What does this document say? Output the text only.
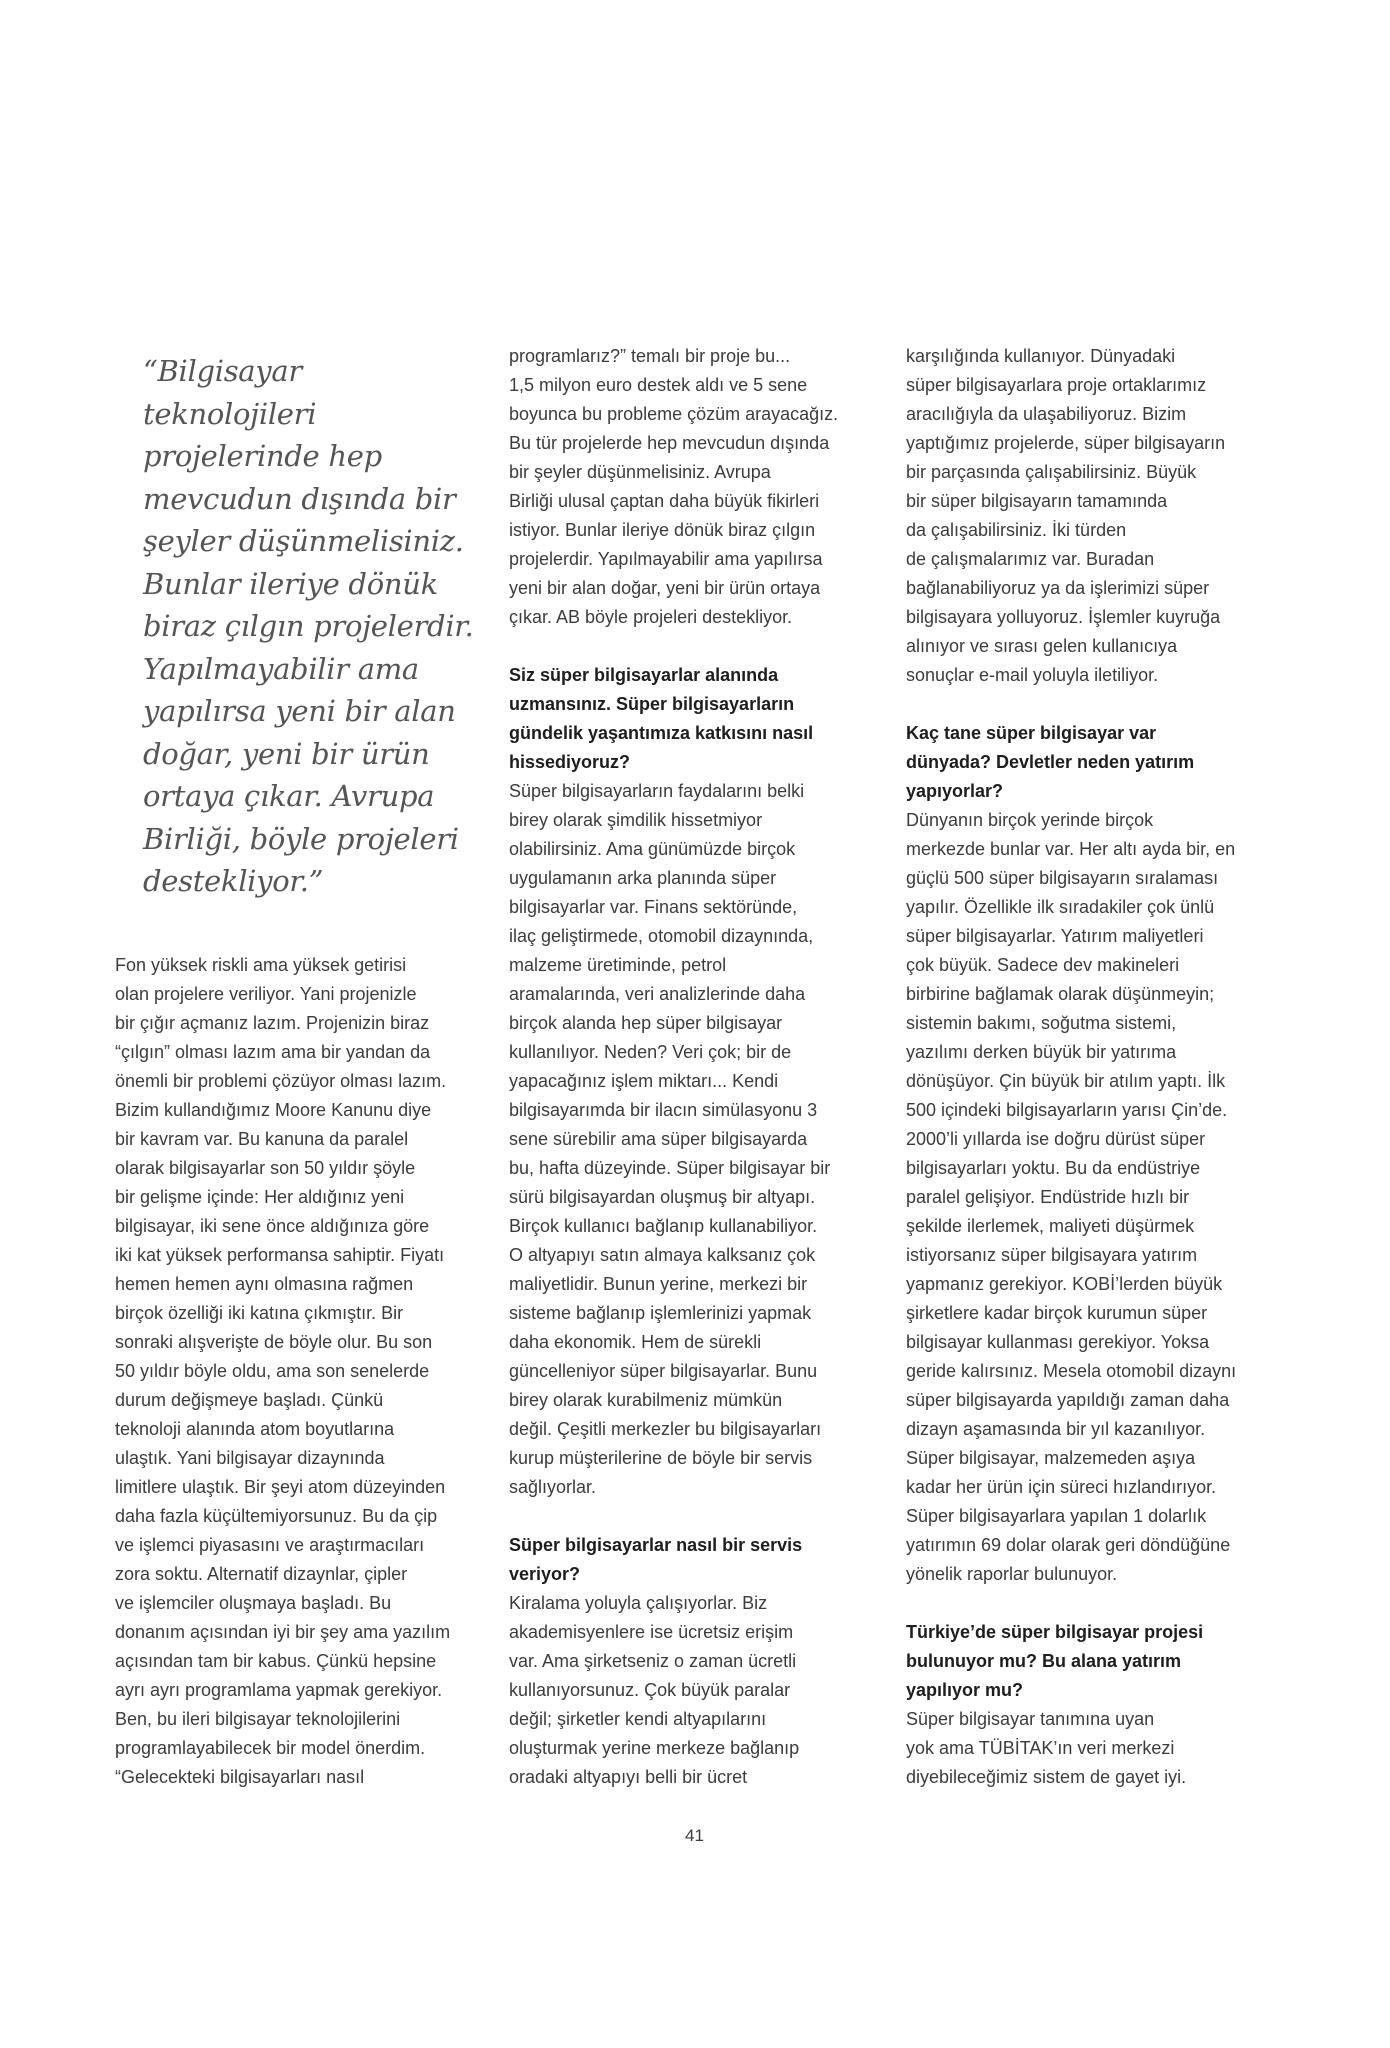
“Bilgisayar
teknolojileri
projelerinde hep
mevcudun dışında bir
şeyler düşünmelisiniz.
Bunlar ileriye dönük
biraz çılgın projelerdir.
Yapılmayabilir ama
yapılırsa yeni bir alan
doğar, yeni bir ürün
ortaya çıkar. Avrupa
Birliği, böyle projeleri
destekliyor.”
Fon yüksek riskli ama yüksek getirisi
olan projelere veriliyor. Yani projenizle
bir çığır açmanız lazım. Projenizin biraz
“çılgın” olması lazım ama bir yandan da
önemli bir problemi çözüyor olması lazım.
Bizim kullandığımız Moore Kanunu diye
bir kavram var. Bu kanuna da paralel
olarak bilgisayarlar son 50 yıldır şöyle
bir gelişme içinde: Her aldığınız yeni
bilgisayar, iki sene önce aldığınıza göre
iki kat yüksek performansa sahiptir. Fiyatı
hemen hemen aynı olmasına rağmen
birçok özelliği iki katına çıkmıştır. Bir
sonraki alışverişte de böyle olur. Bu son
50 yıldır böyle oldu, ama son senelerde
durum değişmeye başladı. Çünkü
teknoloji alanında atom boyutlarına
ulaştık. Yani bilgisayar dizaynında
limitlere ulaştık. Bir şeyi atom düzeyinden
daha fazla küçültemiyorsunuz. Bu da çip
ve işlemci piyasasını ve araştırmacıları
zora soktu. Alternatif dizaynlar, çipler
ve işlemciler oluşmaya başladı. Bu
donanım açısından iyi bir şey ama yazılım
açısından tam bir kabus. Çünkü hepsine
ayrı ayrı programlama yapmak gerekiyor.
Ben, bu ileri bilgisayar teknolojilerini
programlayabilecek bir model önerdim.
“Gelecekteki bilgisayarları nasıl
programlarız?” temalı bir proje bu...
1,5 milyon euro destek aldı ve 5 sene
boyunca bu probleme çözüm arayacağız.
Bu tür projelerde hep mevcudun dışında
bir şeyler düşünmelisiniz. Avrupa
Birliği ulusal çaptan daha büyük fikirleri
istiyor. Bunlar ileriye dönük biraz çılgın
projelerdir. Yapılmayabilir ama yapılırsa
yeni bir alan doğar, yeni bir ürün ortaya
çıkar. AB böyle projeleri destekliyor.
Siz süper bilgisayarlar alanında
uzmansınız. Süper bilgisayarların
gündelik yaşantımıza katkısını nasıl
hissediyoruz?
Süper bilgisayarların faydalarını belki
birey olarak şimdilik hissetmiyor
olabilirsiniz. Ama günümüzde birçok
uygulamanın arka planında süper
bilgisayarlar var. Finans sektöründe,
ilaç geliştirmede, otomobil dizaynında,
malzeme üretiminde, petrol
aramalarında, veri analizlerinde daha
birçok alanda hep süper bilgisayar
kullanılıyor. Neden? Veri çok; bir de
yapacağınız işlem miktarı... Kendi
bilgisayarımda bir ilacın simülasyonu 3
sene sürebilir ama süper bilgisayarda
bu, hafta düzeyinde. Süper bilgisayar bir
sürü bilgisayardan oluşmuş bir altyapı.
Birçok kullanıcı bağlanıp kullanabiliyor.
O altyapıyı satın almaya kalksanız çok
maliyetlidir. Bunun yerine, merkezi bir
sisteme bağlanıp işlemlerinizi yapmak
daha ekonomik. Hem de sürekli
güncelleniyor süper bilgisayarlar. Bunu
birey olarak kurabilmeniz mümkün
değil. Çeşitli merkezler bu bilgisayarları
kurup müşterilerine de böyle bir servis
sağlıyorlar.
Süper bilgisayarlar nasıl bir servis
veriyor?
Kiralama yoluyla çalışıyorlar. Biz
akademisyenlere ise ücretsiz erişim
var. Ama şirketseniz o zaman ücretli
kullanıyorsunuz. Çok büyük paralar
değil; şirketler kendi altyapılarını
oluşturmak yerine merkeze bağlanıp
oradaki altyapıyı belli bir ücret
karşılığında kullanıyor. Dünyadaki
süper bilgisayarlara proje ortaklarımız
aracılığıyla da ulaşabiliyoruz. Bizim
yaptığımız projelerde, süper bilgisayarın
bir parçasında çalışabilirsiniz. Büyük
bir süper bilgisayarın tamamında
da çalışabilirsiniz. İki türden
de çalışmalarımız var. Buradan
bağlanabiliyoruz ya da işlerimizi süper
bilgisayara yolluyoruz. İşlemler kuyruğa
alınıyor ve sırası gelen kullanıcıya
sonuçlar e-mail yoluyla iletiliyor.
Kaç tane süper bilgisayar var
dünyada? Devletler neden yatırım
yapıyorlar?
Dünyanın birçok yerinde birçok
merkezde bunlar var. Her altı ayda bir, en
güçlü 500 süper bilgisayarın sıralaması
yapılır. Özellikle ilk sıradakiler çok ünlü
süper bilgisayarlar. Yatırım maliyetleri
çok büyük. Sadece dev makineleri
birbirine bağlamak olarak düşünmeyin;
sistemin bakımı, soğutma sistemi,
yazılımı derken büyük bir yatırıma
dönüşüyor. Çin büyük bir atılım yaptı. İlk
500 içindeki bilgisayarların yarısı Çin’de.
2000’li yıllarda ise doğru dürüst süper
bilgisayarları yoktu. Bu da endüstriye
paralel gelişiyor. Endüstride hızlı bir
şekilde ilerlemek, maliyeti düşürmek
istiyorsanız süper bilgisayara yatırım
yapmanız gerekiyor. KOBİ’lerden büyük
şirketlere kadar birçok kurumun süper
bilgisayar kullanması gerekiyor. Yoksa
geride kalırsınız. Mesela otomobil dizaynı
süper bilgisayarda yapıldığı zaman daha
dizayn aşamasında bir yıl kazanılıyor.
Süper bilgisayar, malzemeden aşıya
kadar her ürün için süreci hızlandırıyor.
Süper bilgisayarlara yapılan 1 dolarlık
yatırımın 69 dolar olarak geri döndüğüne
yönelik raporlar bulunuyor.
Türkiye’de süper bilgisayar projesi
bulunuyor mu? Bu alana yatırım
yapılıyor mu?
Süper bilgisayar tanımına uyan
yok ama TÜBİTAK’ın veri merkezi
diyebileceğimiz sistem de gayet iyi.
41
